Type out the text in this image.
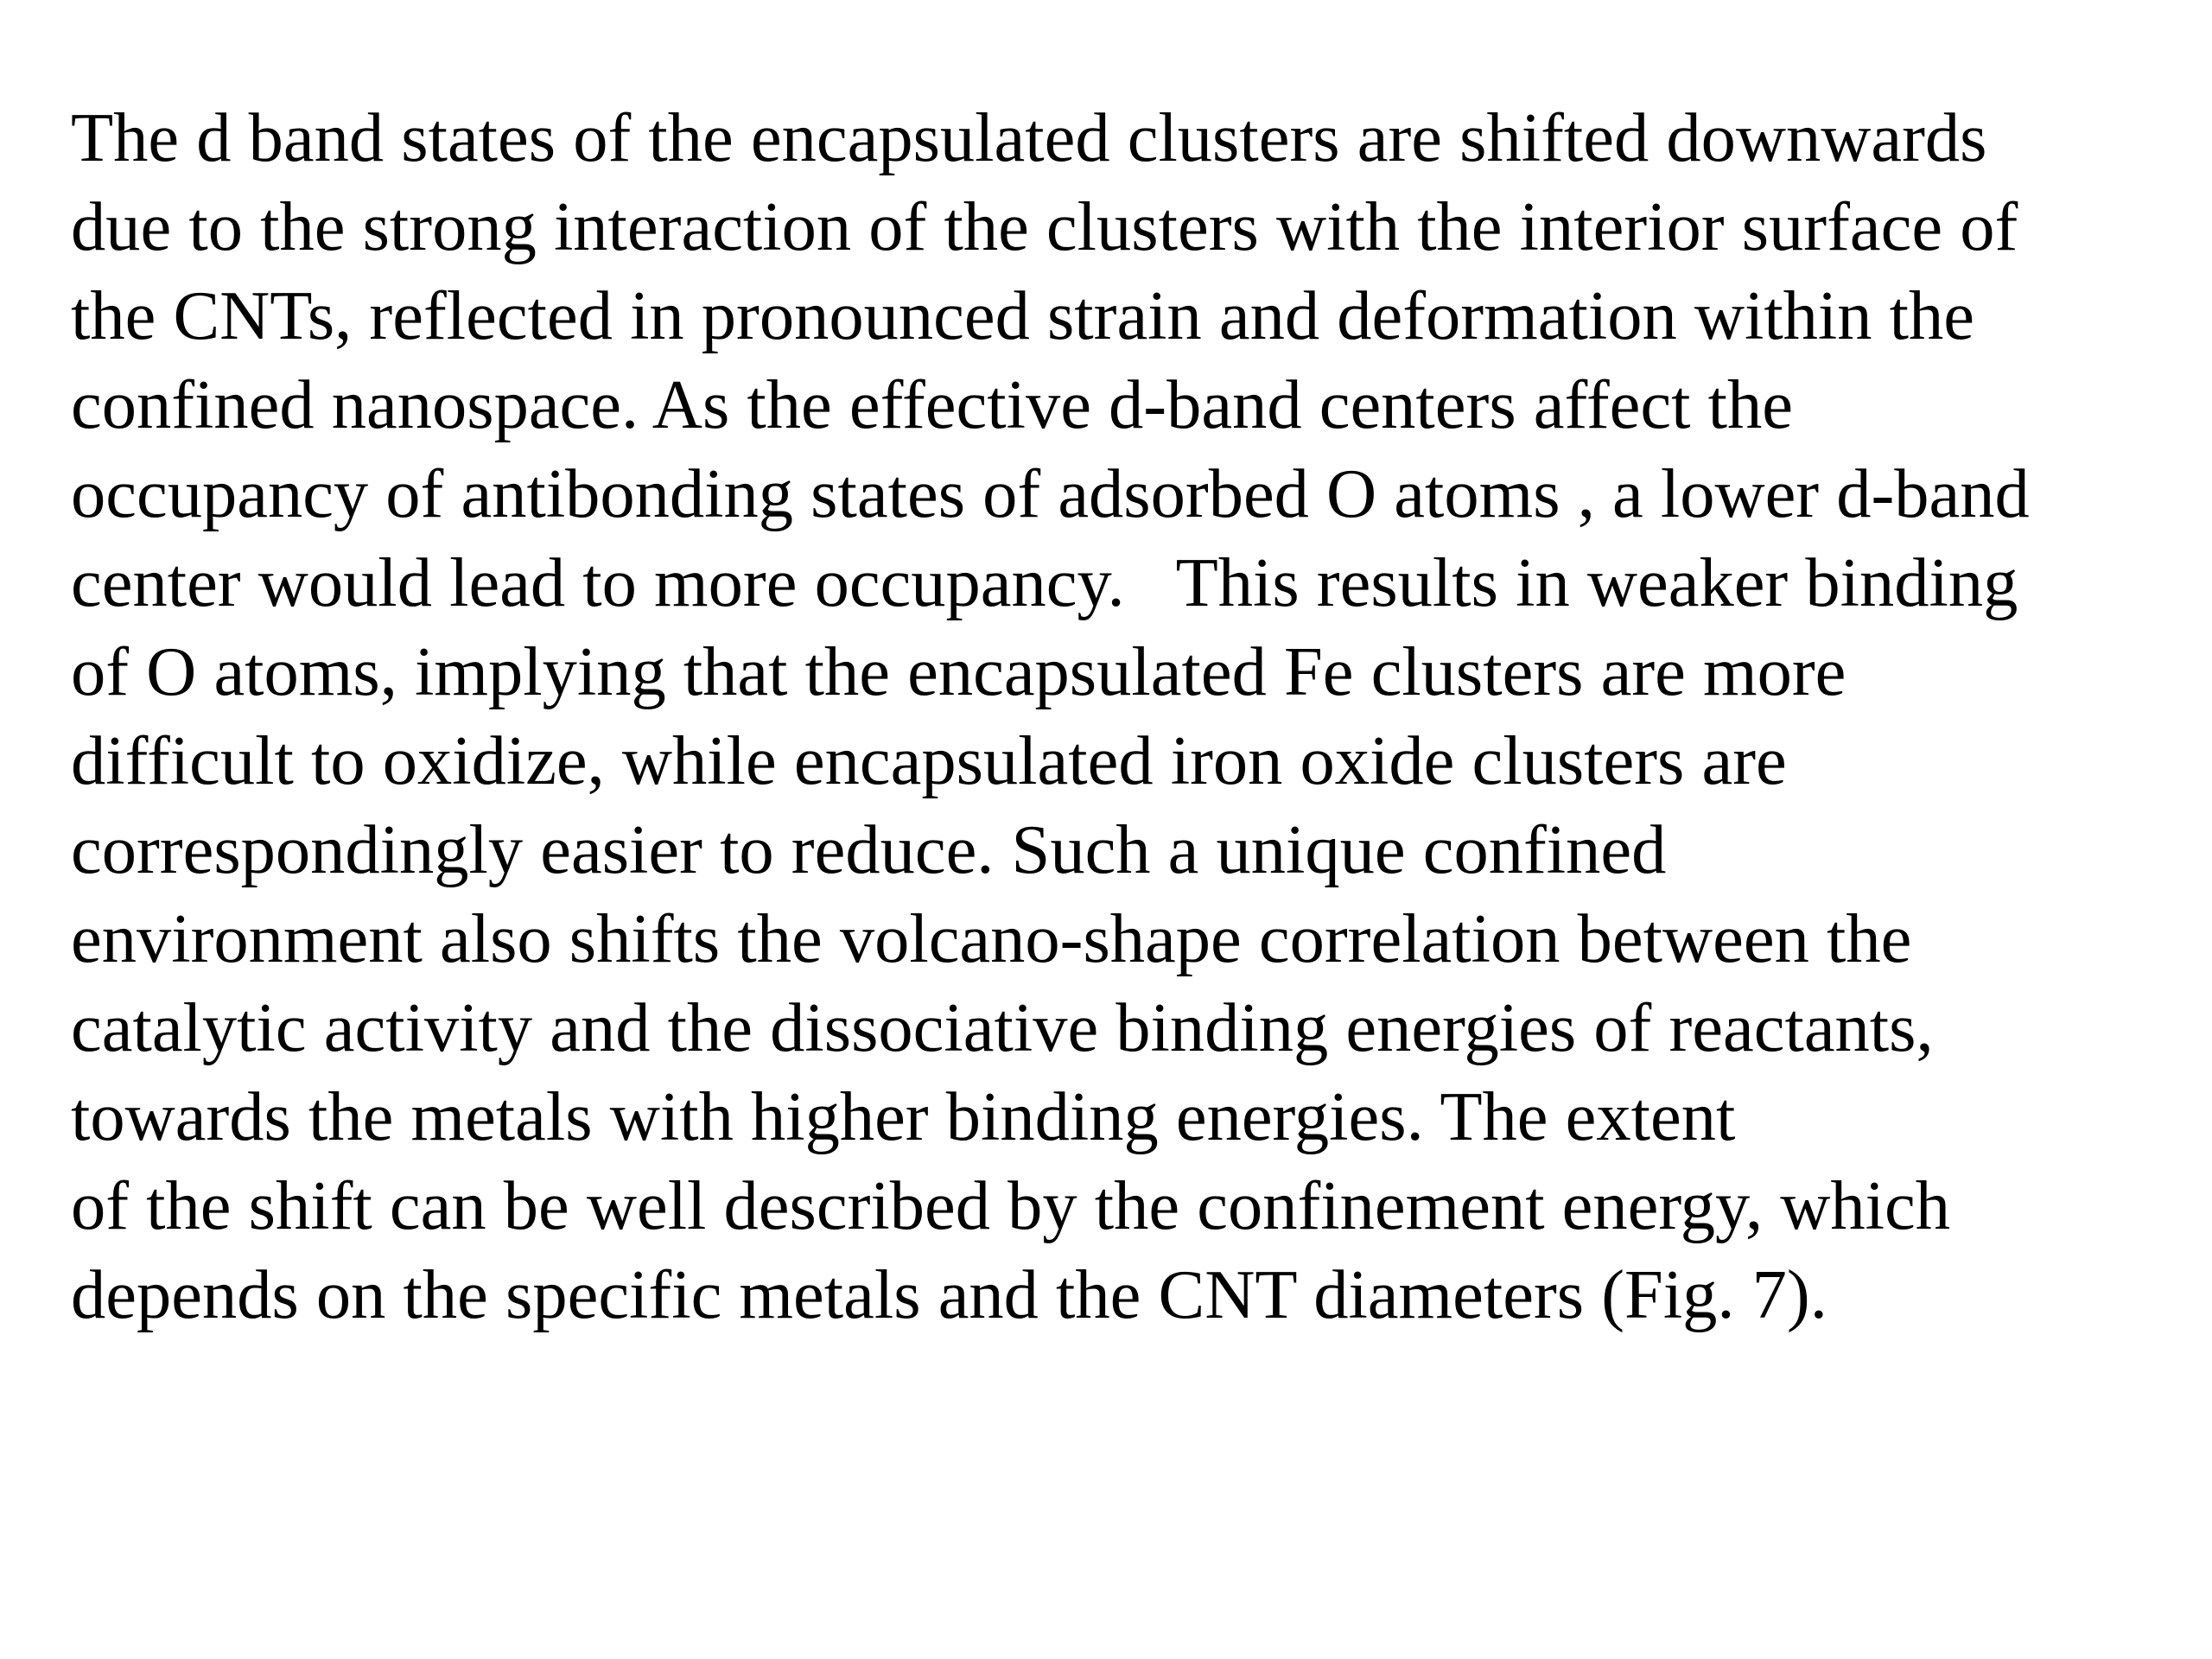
The d band states of the encapsulated clusters are shifted downwards
due to the strong interaction of the clusters with the interior surface of
the CNTs, reflected in pronounced strain and deformation within the
confined nanospace. As the effective d-band centers affect the
occupancy of antibonding states of adsorbed O atoms , a lower d-band
center would lead to more occupancy.   This results in weaker binding
of O atoms, implying that the encapsulated Fe clusters are more
difficult to oxidize, while encapsulated iron oxide clusters are
correspondingly easier to reduce. Such a unique confined
environment also shifts the volcano-shape correlation between the
catalytic activity and the dissociative binding energies of reactants,
towards the metals with higher binding energies. The extent
of the shift can be well described by the confinement energy, which
depends on the specific metals and the CNT diameters (Fig. 7).
